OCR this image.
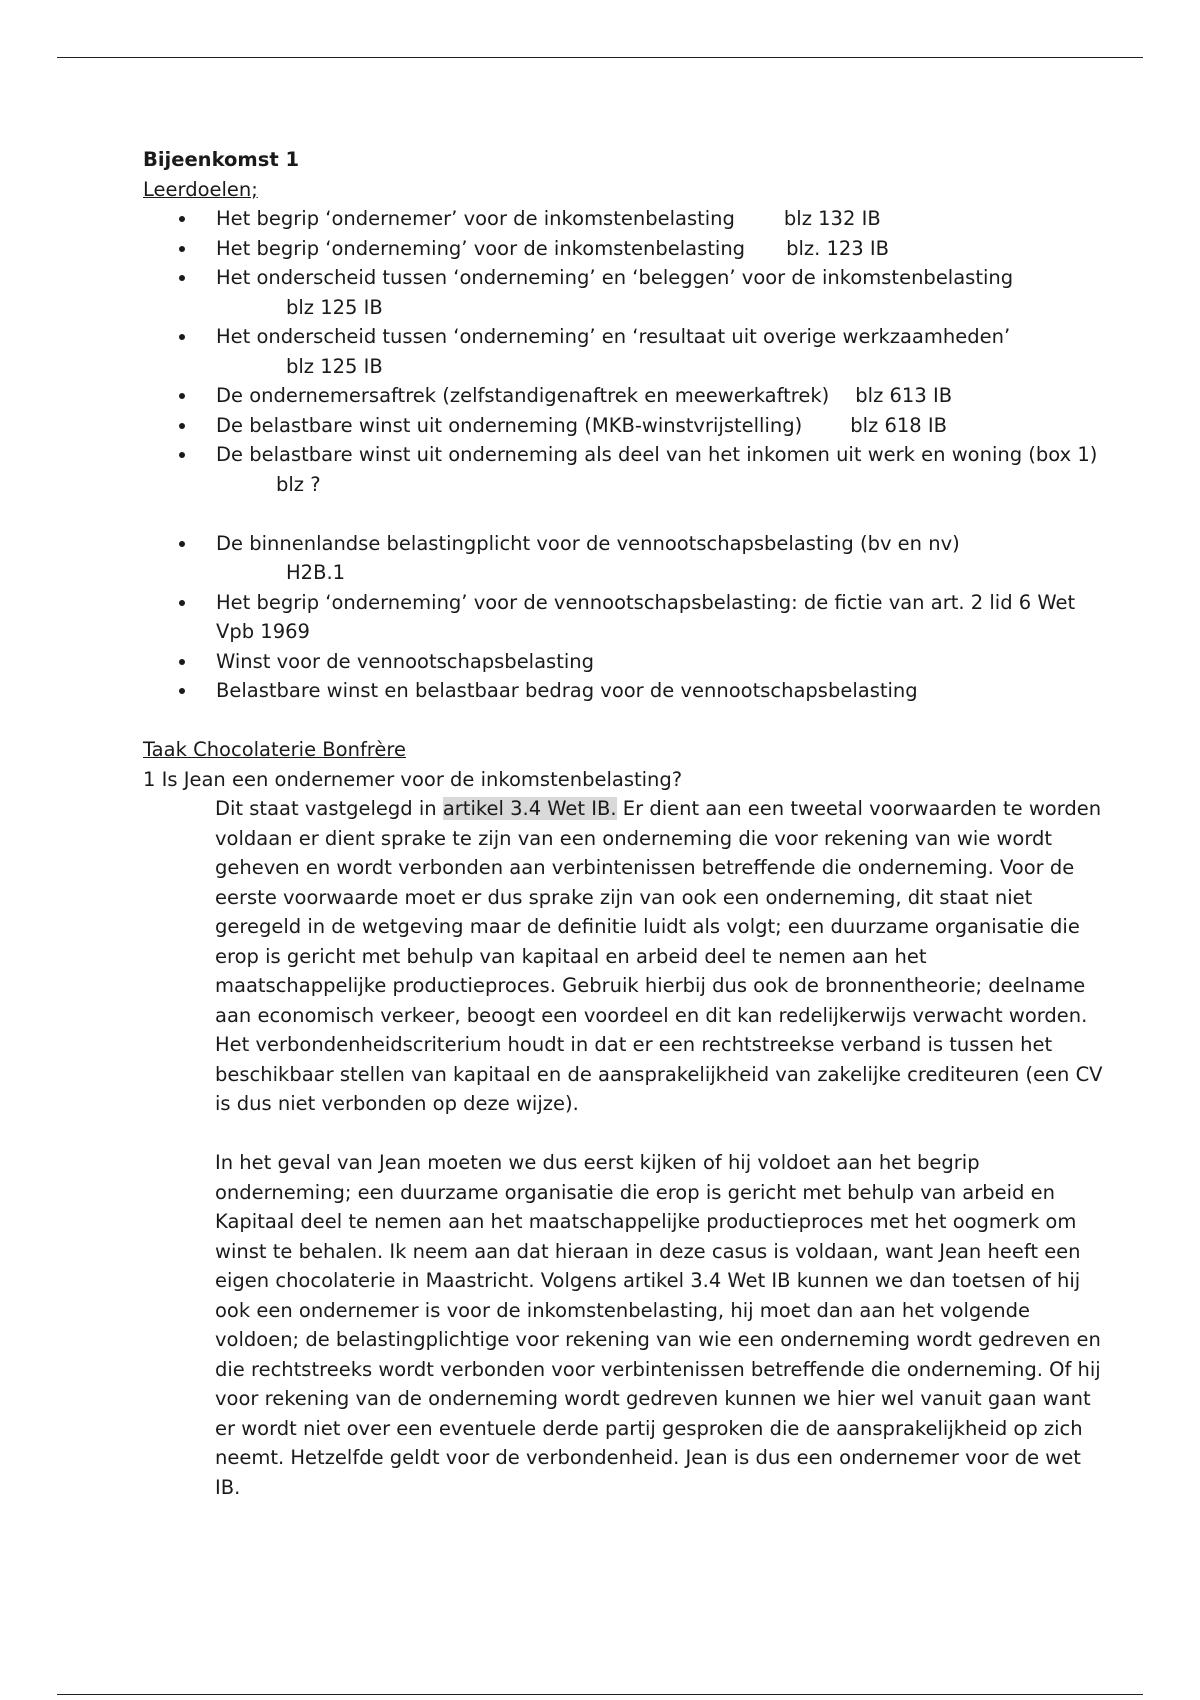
Bijeenkomst 1
Leerdoelen;
Het begrip ‘ondernemer’ voor de inkomstenbelasting	blz 132 IB
Het begrip ‘onderneming’ voor de inkomstenbelasting blz. 123 IB
Het onderscheid tussen ‘onderneming’ en ‘beleggen’ voor de inkomstenbelasting
blz 125 IB
Het onderscheid tussen ‘onderneming’ en ‘resultaat uit overige werkzaamheden’
blz 125 IB
De ondernemersaftrek (zelfstandigenaftrek en meewerkaftrek) blz 613 IB
De belastbare winst uit onderneming (MKB-winstvrijstelling) blz 618 IB
De belastbare winst uit onderneming als deel van het inkomen uit werk en woning (box 1)blz ?
De binnenlandse belastingplicht voor de vennootschapsbelasting (bv en nv)
H2B.1
Het begrip ‘onderneming’ voor de vennootschapsbelasting: de fictie van art. 2 lid 6 Wet Vpb 1969
Winst voor de vennootschapsbelasting
Belastbare winst en belastbaar bedrag voor de vennootschapsbelasting
Taak Chocolaterie Bonfrère
1 Is Jean een ondernemer voor de inkomstenbelasting?

Dit staat vastgelegd in artikel 3.4 Wet IB. Er dient aan een tweetal voorwaarden te worden voldaan er dient sprake te zijn van een onderneming die voor rekening van wie wordt geheven en wordt verbonden aan verbintenissen betreffende die onderneming. Voor de eerste voorwaarde moet er dus sprake zijn van ook een onderneming, dit staat niet geregeld in de wetgeving maar de definitie luidt als volgt; een duurzame organisatie die erop is gericht met behulp van kapitaal en arbeid deel te nemen aan het maatschappelijke productieproces. Gebruik hierbij dus ook de bronnentheorie; deelname aan economisch verkeer, beoogt een voordeel en dit kan redelijkerwijs verwacht worden. Het verbondenheidscriterium houdt in dat er een rechtstreekse verband is tussen het beschikbaar stellen van kapitaal en de aansprakelijkheid van zakelijke crediteuren (een CV is dus niet verbonden op deze wijze).

In het geval van Jean moeten we dus eerst kijken of hij voldoet aan het begrip onderneming; een duurzame organisatie die erop is gericht met behulp van arbeid en Kapitaal deel te nemen aan het maatschappelijke productieproces met het oogmerk om winst te behalen. Ik neem aan dat hieraan in deze casus is voldaan, want Jean heeft een eigen chocolaterie in Maastricht. Volgens artikel 3.4 Wet IB kunnen we dan toetsen of hij ook een ondernemer is voor de inkomstenbelasting, hij moet dan aan het volgende voldoen; de belastingplichtige voor rekening van wie een onderneming wordt gedreven en die rechtstreeks wordt verbonden voor verbintenissen betreffende die onderneming. Of hij voor rekening van de onderneming wordt gedreven kunnen we hier wel vanuit gaan want er wordt niet over een eventuele derde partij gesproken die de aansprakelijkheid op zich neemt. Hetzelfde geldt voor de verbondenheid. Jean is dus een ondernemer voor de wet IB.
